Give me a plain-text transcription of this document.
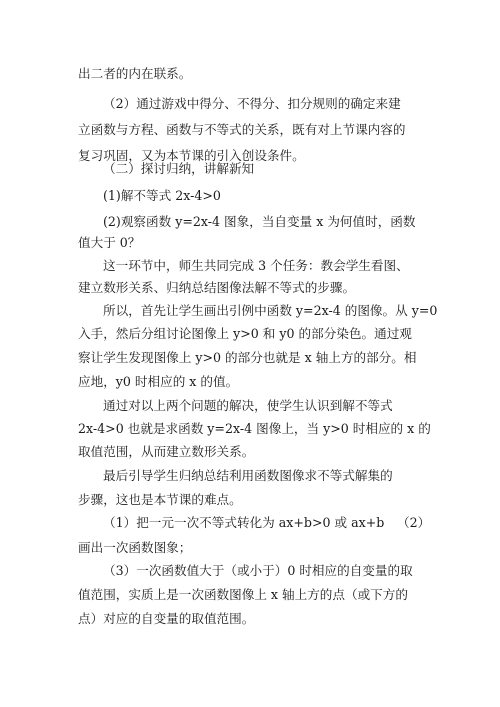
出二者的内在联系。
（2）通过游戏中得分、不得分、扣分规则的确定来建
立函数与方程、函数与不等式的关系，既有对上节课内容的
复习巩固，又为本节课的引入创设条件。
（二）探讨归纳，讲解新知
(1)解不等式 2x-4>0
(2)观察函数 y=2x-4 图象，当自变量 x 为何值时，函数
值大于 0？
这一环节中，师生共同完成 3 个任务：教会学生看图、
建立数形关系、归纳总结图像法解不等式的步骤。
所以，首先让学生画出引例中函数 y=2x-4 的图像。从 y=0
入手，然后分组讨论图像上 y>0 和 y0 的部分染色。通过观
察让学生发现图像上 y>0 的部分也就是 x 轴上方的部分。相
应地，y0 时相应的 x 的值。
通过对以上两个问题的解决，使学生认识到解不等式
2x-4>0 也就是求函数 y=2x-4 图像上，当 y>0 时相应的 x 的
取值范围，从而建立数形关系。
最后引导学生归纳总结利用函数图像求不等式解集的
步骤，这也是本节课的难点。
（1）把一元一次不等式转化为 ax+b>0 或 ax+b （2）
画出一次函数图象；
（3）一次函数值大于（或小于）0 时相应的自变量的取
值范围，实质上是一次函数图像上 x 轴上方的点（或下方的
点）对应的自变量的取值范围。
